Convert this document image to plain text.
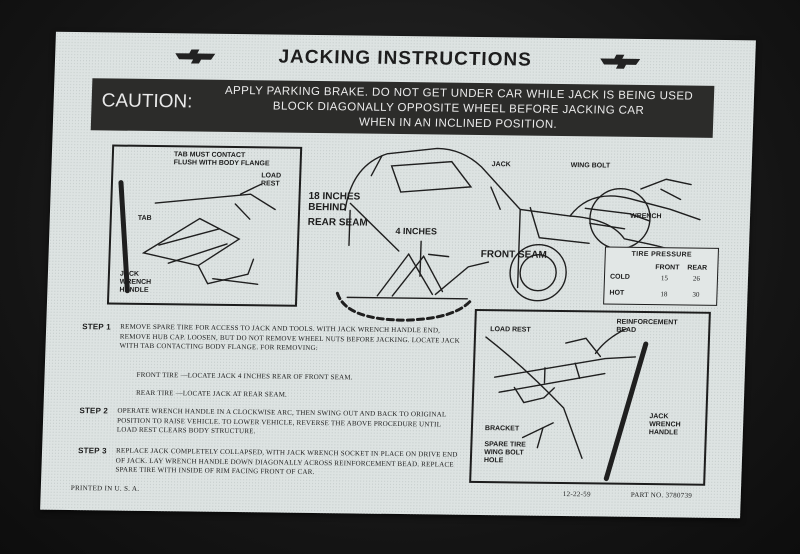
JACKING INSTRUCTIONS
CAUTION:	APPLY PARKING BRAKE. DO NOT GET UNDER CAR WHILE JACK IS BEING USED
BLOCK DIAGONALLY OPPOSITE WHEEL BEFORE JACKING CAR
WHEN IN AN INCLINED POSITION.
TAB MUST CONTACT
FLUSH WITH BODY FLANGE
LOAD
REST
TAB
JACK
WRENCH
HANDLE
18 INCHES
BEHIND
REAR SEAM
4 INCHES
FRONT SEAM
JACK	WING BOLT
WRENCH
TIRE PRESSURE
FRONT REAR
COLD	15	26
HOT	18	30
LOAD REST
REINFORCEMENT
BEAD
BRACKET
SPARE TIRE
WING BOLT
HOLE
JACK
WRENCH
HANDLE
STEP 1 REMOVE SPARE TIRE FOR ACCESS TO JACK AND TOOLS. WITH JACK WRENCH HANDLE END, REMOVE HUB CAP. LOOSEN, BUT DO NOT REMOVE WHEEL NUTS BEFORE JACKING. LOCATE JACK WITH TAB CONTACTING BODY FLANGE. FOR REMOVING:
FRONT TIRE —LOCATE JACK 4 INCHES REAR OF FRONT SEAM.
REAR TIRE —LOCATE JACK AT REAR SEAM.
STEP 2 OPERATE WRENCH HANDLE IN A CLOCKWISE ARC, THEN SWING OUT AND BACK TO ORIGINAL POSITION TO RAISE VEHICLE. TO LOWER VEHICLE, REVERSE THE ABOVE PROCEDURE UNTIL LOAD REST CLEARS BODY STRUCTURE.
STEP 3 REPLACE JACK COMPLETELY COLLAPSED, WITH JACK WRENCH SOCKET IN PLACE ON DRIVE END OF JACK. LAY WRENCH HANDLE DOWN DIAGONALLY ACROSS REINFORCEMENT BEAD. REPLACE SPARE TIRE WITH INSIDE OF RIM FACING FRONT OF CAR.
PRINTED IN U. S. A.
12-22-59	PART NO. 3780739
